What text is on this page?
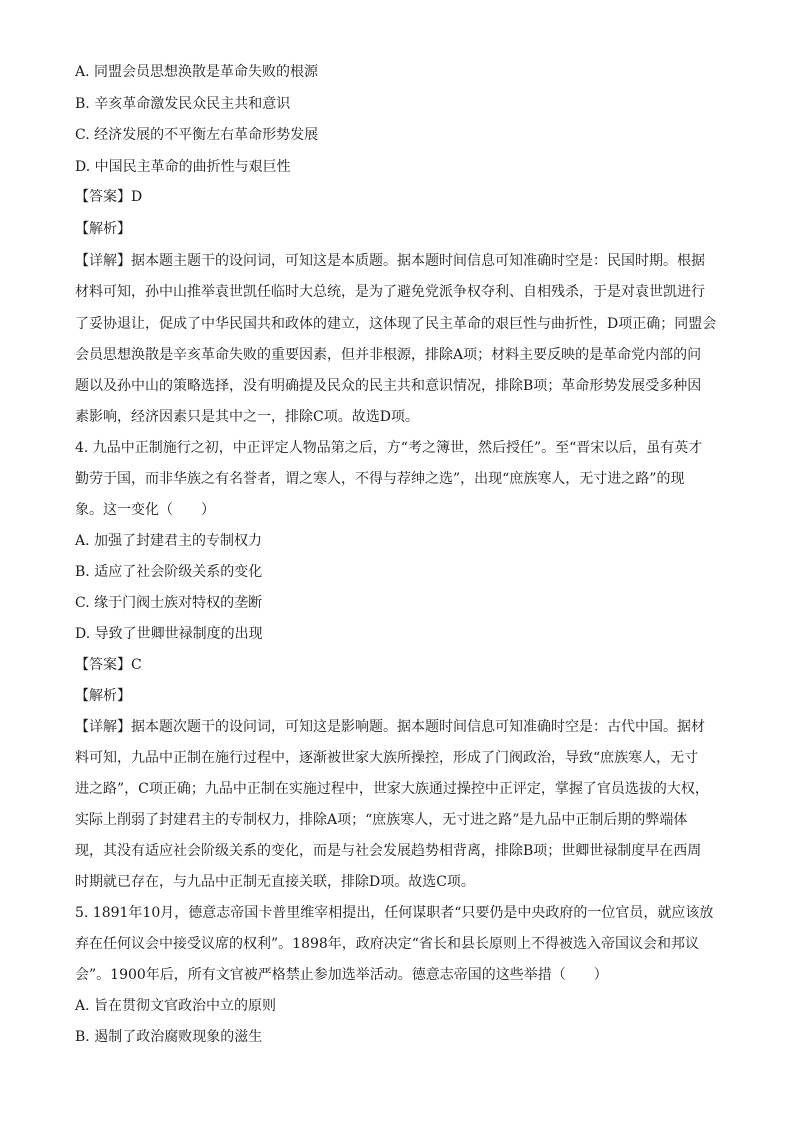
A. 同盟会员思想涣散是革命失败的根源
B. 辛亥革命激发民众民主共和意识
C. 经济发展的不平衡左右革命形势发展
D. 中国民主革命的曲折性与艰巨性
【答案】D
【解析】
【详解】据本题主题干的设问词，可知这是本质题。据本题时间信息可知准确时空是：民国时期。根据
材料可知，孙中山推举袁世凯任临时大总统，是为了避免党派争权夺利、自相残杀，于是对袁世凯进行
了妥协退让，促成了中华民国共和政体的建立，这体现了民主革命的艰巨性与曲折性，D项正确；同盟会
会员思想涣散是辛亥革命失败的重要因素，但并非根源，排除A项；材料主要反映的是革命党内部的问
题以及孙中山的策略选择，没有明确提及民众的民主共和意识情况，排除B项；革命形势发展受多种因
素影响，经济因素只是其中之一，排除C项。故选D项。
4. 九品中正制施行之初，中正评定人物品第之后，方“考之簿世，然后授任”。至“晋宋以后，虽有英才
勤劳于国，而非华族之有名誉者，谓之寒人，不得与荐绅之选”，出现“庶族寒人，无寸进之路”的现
象。这一变化（　　）
A. 加强了封建君主的专制权力
B. 适应了社会阶级关系的变化
C. 缘于门阀士族对特权的垄断
D. 导致了世卿世禄制度的出现
【答案】C
【解析】
【详解】据本题次题干的设问词，可知这是影响题。据本题时间信息可知准确时空是：古代中国。据材
料可知，九品中正制在施行过程中，逐渐被世家大族所操控，形成了门阀政治，导致“庶族寒人，无寸
进之路”，C项正确；九品中正制在实施过程中，世家大族通过操控中正评定，掌握了官员选拔的大权，
实际上削弱了封建君主的专制权力，排除A项；“庶族寒人，无寸进之路”是九品中正制后期的弊端体
现，其没有适应社会阶级关系的变化，而是与社会发展趋势相背离，排除B项；世卿世禄制度早在西周
时期就已存在，与九品中正制无直接关联，排除D项。故选C项。
5. 1891年10月，德意志帝国卡普里维宰相提出，任何谋职者“只要仍是中央政府的一位官员，就应该放
弃在任何议会中接受议席的权利”。1898年，政府决定“省长和县长原则上不得被选入帝国议会和邦议
会”。1900年后，所有文官被严格禁止参加选举活动。德意志帝国的这些举措（　　）
A. 旨在贯彻文官政治中立的原则
B. 遏制了政治腐败现象的滋生
